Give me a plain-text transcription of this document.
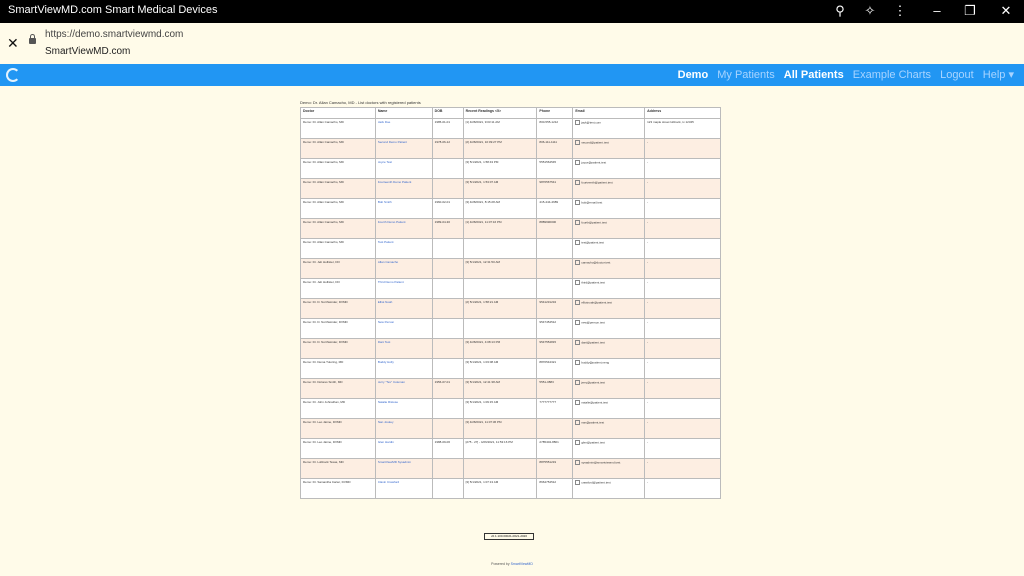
SmartViewMD.com Smart Medical Devices	⚲	✧	⋮	–	❐	✕
✕
https://demo.smartviewmd.com
SmartViewMD.com
Demo My Patients All Patients Example Charts Logout Help ▾
Demo: Dr. Allan Camacho, MD - List doctors with registered patients
Doctor	Name	DOB	Recent Readings <5>	Phone	Email	Address
Demo: Dr. Allan Camacho, MD	Jack Doe	1985-01-01	[1] 4/28/2021, 9:03:11 AM	800-555-1212	jack@test.com	123 maple street lubbock, tx 12345
Demo: Dr. Allan Camacho, MD	Second Demo Patient	1978-06-12	[2] 4/28/2021, 10:09:27 PM	806-111-1111	second@patient.test	-
Demo: Dr. Allan Camacho, MD	Joyce Test		[3] 5/1/2021, 1:58:43 PM	5551564545	joyce@patient.test	-
Demo: Dr. Allan Camacho, MD	Fourteenth Demo Patient		[3] 5/1/2021, 1:53:07 AM	9876567541	fourteenth@patient.test	-
Demo: Dr. Allan Camacho, MD	Bob Smith	1960-02-01	[3] 4/28/2021, 8:15:28 AM	415-444-4689	bob@email.test	-
Demo: Dr. Allan Camacho, MD	Fourth Demo Patient	1989-04-30	[1] 4/28/2021, 11:07:16 PM	8889990000	fourth@patient.test	-
Demo: Dr. Allan Camacho, MD	Test Patient				test@patient.test	-
Demo: Dr. Jeb Hollister, DO	Allan Camacho		[3] 5/1/2021, 12:31:50 AM		camacho@doctor.test	-
Demo: Dr. Jeb Hollister, DO	Third Demo Patient				third@patient.test	-
Demo: Dr. D. Northwinder, DVMD	Elliot Noah		[2] 5/1/2021, 1:58:21 AM	9541231234	elliotnoah@patient.test	-
Demo: Dr. D. Northwinder, DVMD	New Person			9547454512	new@person.test	-
Demo: Dr. D. Northwinder, DVMD	Dani Test		[3] 4/28/2021, 4:08:13 PM	9547554815	dani@patient.test	-
Demo: Dr. Dema Tutoring, MD	Buddy Holly		[3] 5/1/2021, 1:03:08 AM	8870544321	buddy@patient.neng	-
Demo: Dr. Dolores Smith, MD	Jerry "Tex" Coleman	1956-07-01	[3] 5/1/2021, 12:41:38 AM	5551-0883	jerry@patient.test	-
Demo: Dr. John Johnathan, MD	Natalie Ristose		[3] 5/1/2021, 1:09:15 AM	7777777777	natalie@patient.test	-
Demo: Dr. Leo Jaime, DVMD	Nan Joskey		[3] 4/28/2021, 11:07:36 PM		nan@patient.test	-
Demo: Dr. Leo Jaime, DVMD	Glen Hardin	1988-09-06	[275 - 27] - 4/26/2021, 11:53:16 PM	2785404-8801	glen@patient.test	-
Demo: Dr. Lubbock Texas, MD	SmartViewMD Sysadmin			8875551219	sysadmin@smartviewmd.test	-
Demo: Dr. Samantha Carter, DVMD	Clavin Crawford		[3] 5/1/2021, 1:07:13 AM	8664754512	crawford@patient.test	-
v0.1.100.00021-0021-2020
Powered by SmartViewMD
